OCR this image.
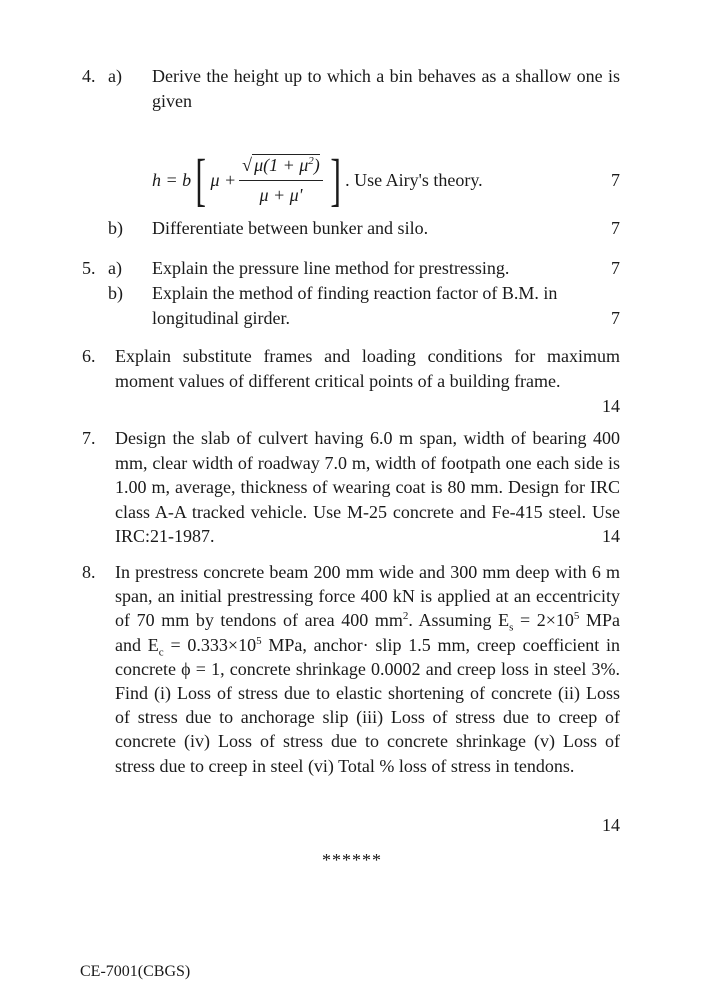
4. a)	Derive the height up to which a bin behaves as a shallow one is given
h = b [ $\mu + \frac{√ \mu(1 + \mu^2)}{\mu + \mu'}$ ] . Use Airy's theory.	7
b)	Differentiate between bunker and silo.	7
5. a)	Explain the pressure line method for prestressing.	7
b)	Explain the method of finding reaction factor of B.M. in longitudinal girder.	7
6.	Explain substitute frames and loading conditions for maximum moment values of different critical points of a building frame.
14
7.	Design the slab of culvert having 6.0 m span, width of bearing 400 mm, clear width of roadway 7.0 m, width of footpath one each side is 1.00 m, average, thickness of wearing coat is 80 mm. Design for IRC class A-A tracked vehicle. Use M-25 concrete and Fe-415 steel. Use IRC:21-1987.	14
8.	In prestress concrete beam 200 mm wide and 300 mm deep with 6 m span, an initial prestressing force 400 kN is applied at an eccentricity of 70 mm by tendons of area 400 $mm^2$. Assuming $E_s = 2\times 10^5$ MPa and $E_c = 0.333\times 10^5$ MPa, anchor· slip 1.5 mm, creep coefficient in concrete ϕ = 1, concrete shrinkage 0.0002 and creep loss in steel 3%. Find (i) Loss of stress due to elastic shortening of concrete (ii) Loss of stress due to anchorage slip (iii) Loss of stress due to creep of concrete (iv) Loss of stress due to concrete shrinkage (v) Loss of stress due to creep in steel (vi) Total % loss of stress in tendons.
14
******
CE-7001(CBGS)
